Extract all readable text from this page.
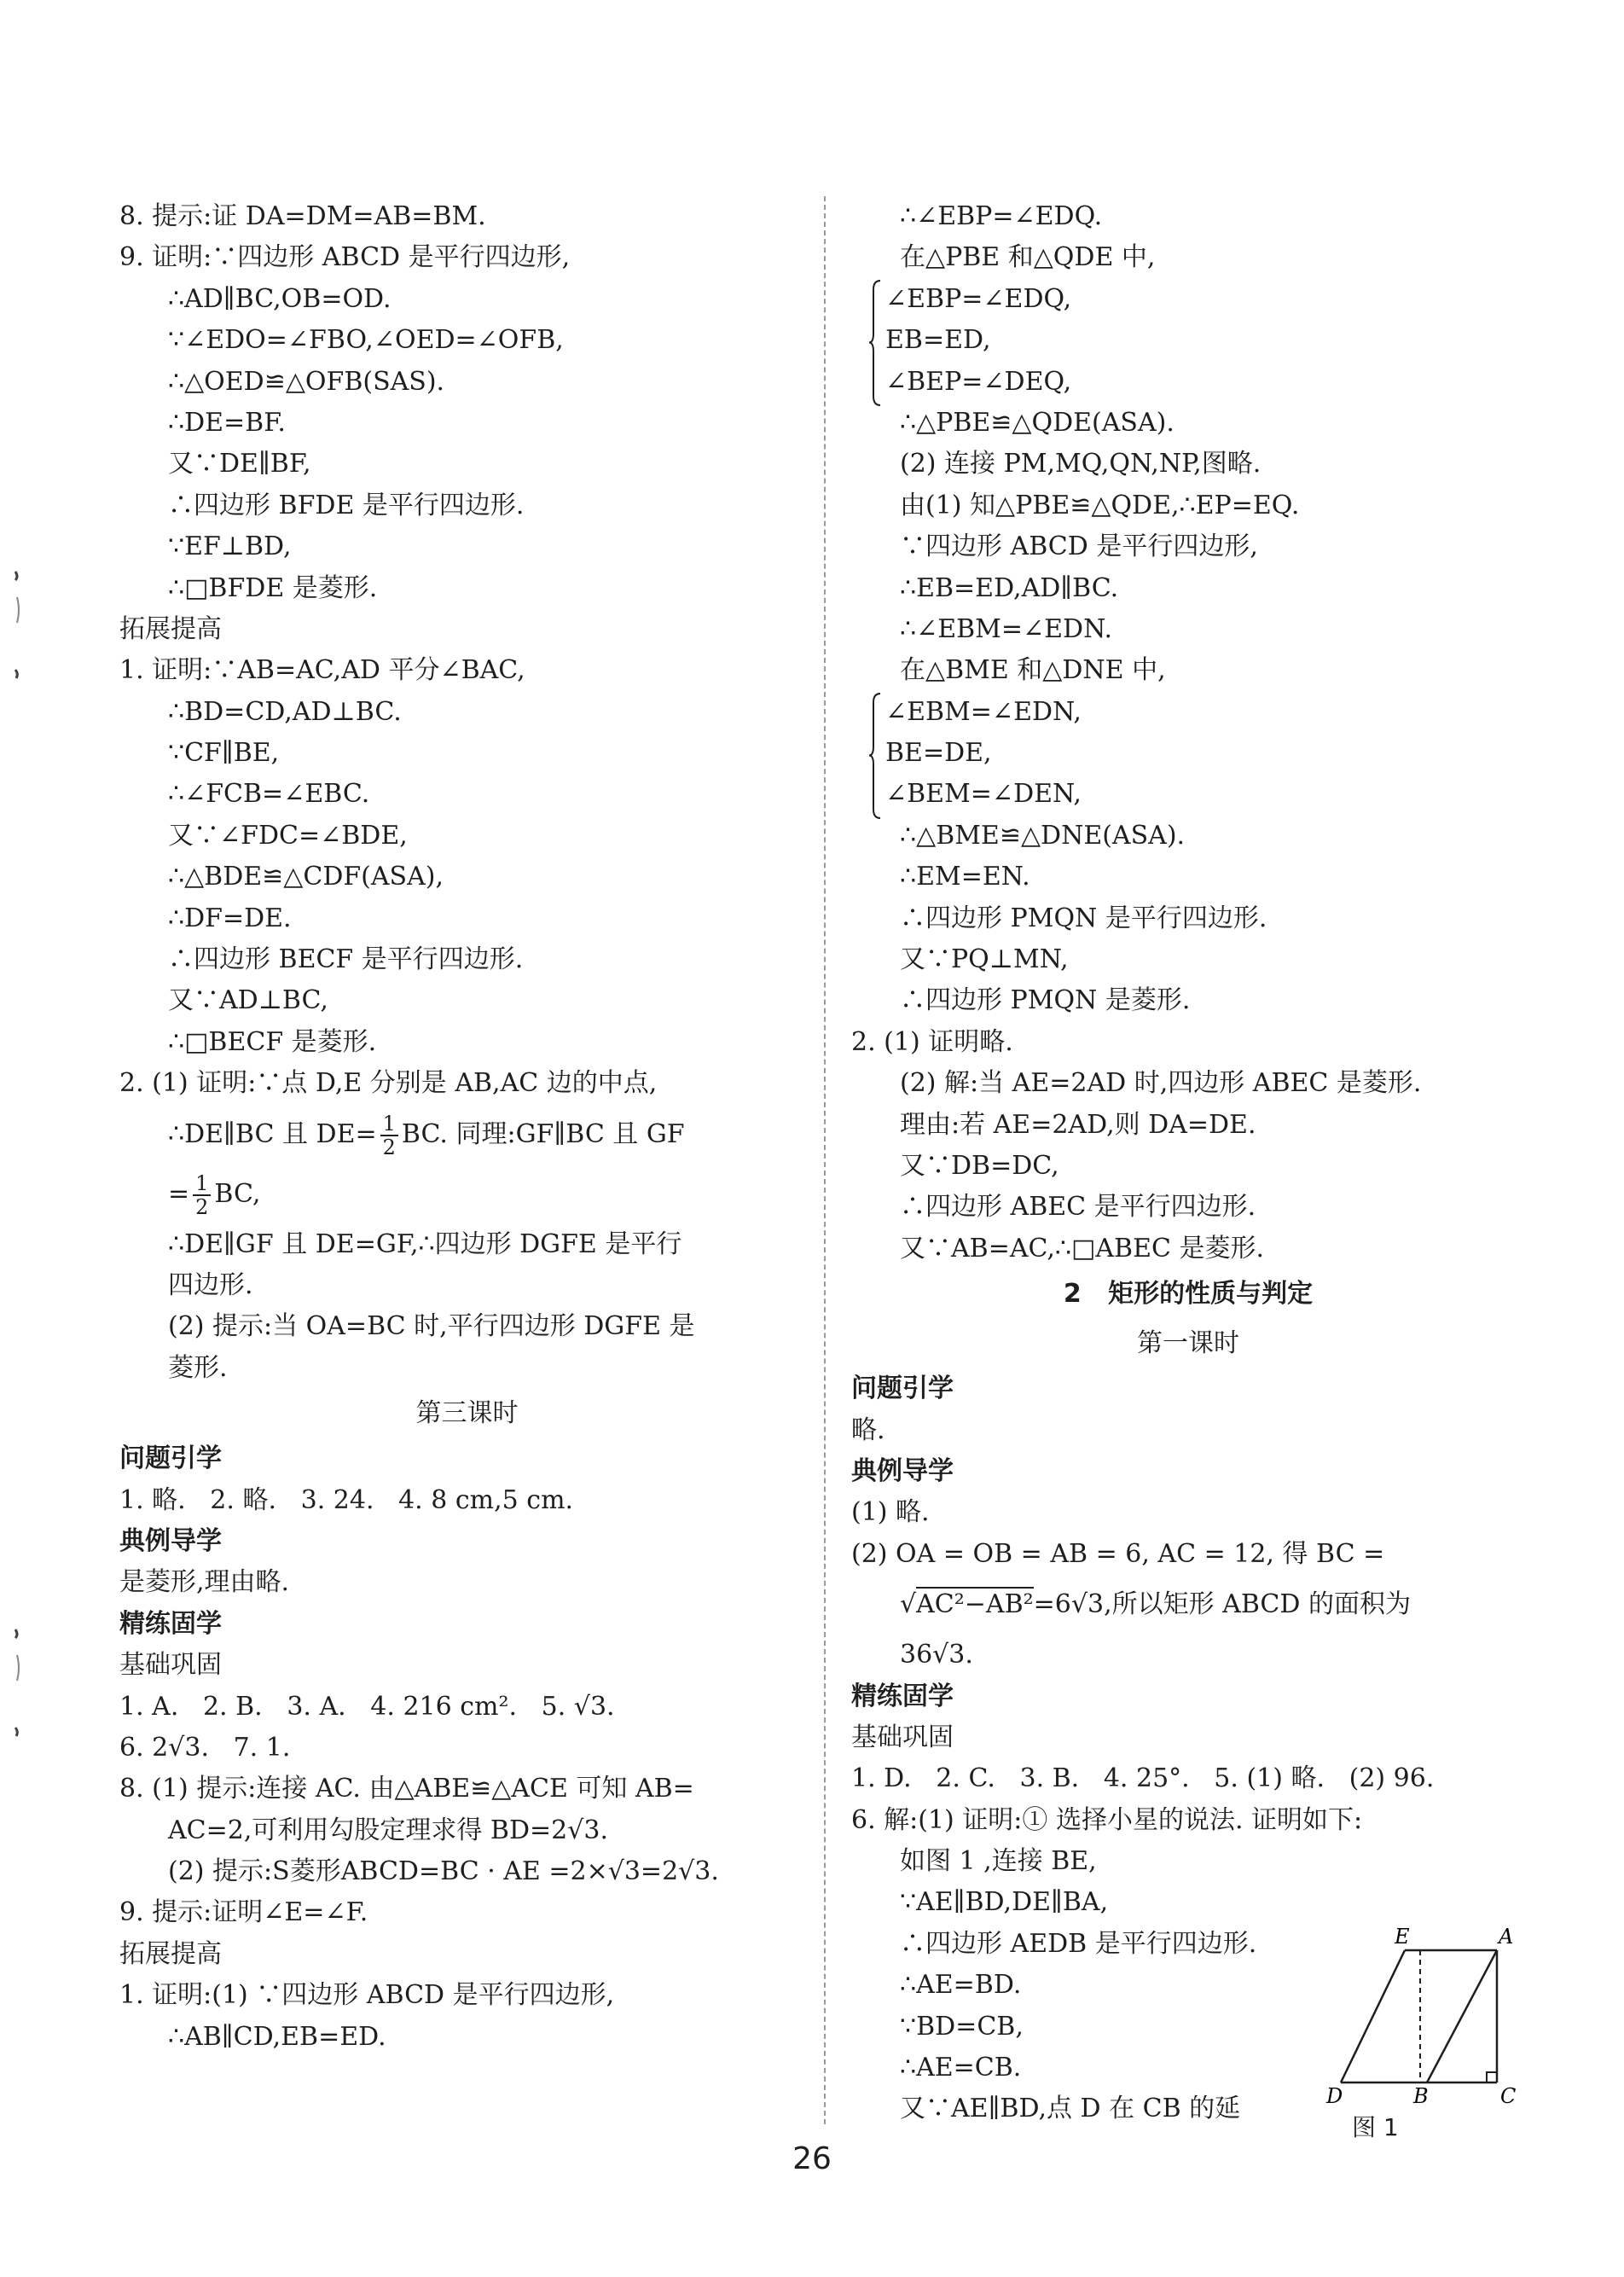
8. 提示:证 DA=DM=AB=BM.
9. 证明:∵四边形 ABCD 是平行四边形,
∴AD∥BC,OB=OD.
∵∠EDO=∠FBO,∠OED=∠OFB,
∴△OED≌△OFB(SAS).
∴DE=BF.
又∵DE∥BF,
∴四边形 BFDE 是平行四边形.
∵EF⊥BD,
∴□BFDE 是菱形.
拓展提高
1. 证明:∵AB=AC,AD 平分∠BAC,
∴BD=CD,AD⊥BC.
∵CF∥BE,
∴∠FCB=∠EBC.
又∵∠FDC=∠BDE,
∴△BDE≌△CDF(ASA),
∴DF=DE.
∴四边形 BECF 是平行四边形.
又∵AD⊥BC,
∴□BECF 是菱形.
2. (1) 证明:∵点 D,E 分别是 AB,AC 边的中点,
∴DE∥BC 且 $DE= \frac{1}{2}$ BC. 同理:GF∥BC 且 GF
= $\frac{1}{2}$ BC,
∴DE∥GF 且 DE=GF,∴四边形 DGFE 是平行
四边形.
(2) 提示:当 OA=BC 时,平行四边形 DGFE 是
菱形.
第三课时
问题引学
1. 略.   2. 略.   3. 24.   4. 8 cm,5 cm.
典例导学
是菱形,理由略.
精练固学
基础巩固
1. A.   2. B.   3. A.   4. 216 cm².   5. √3.
6. 2√3.   7. 1.
8. (1) 提示:连接 AC. 由△ABE≌△ACE 可知 AB=
AC=2,可利用勾股定理求得 BD=2√3.
(2) 提示:S菱形ABCD=BC · AE =2×√3=2√3.
9. 提示:证明∠E=∠F.
拓展提高
1. 证明:(1) ∵四边形 ABCD 是平行四边形,
∴AB∥CD,EB=ED.
∴∠EBP=∠EDQ.
在△PBE 和△QDE 中,
∠EBP=∠EDQ,
EB=ED,
∠BEP=∠DEQ,
∴△PBE≌△QDE(ASA).
(2) 连接 PM,MQ,QN,NP,图略.
由(1) 知△PBE≌△QDE,∴EP=EQ.
∵四边形 ABCD 是平行四边形,
∴EB=ED,AD∥BC.
∴∠EBM=∠EDN.
在△BME 和△DNE 中,
∠EBM=∠EDN,
BE=DE,
∠BEM=∠DEN,
∴△BME≌△DNE(ASA).
∴EM=EN.
∴四边形 PMQN 是平行四边形.
又∵PQ⊥MN,
∴四边形 PMQN 是菱形.
2. (1) 证明略.
(2) 解:当 AE=2AD 时,四边形 ABEC 是菱形.
理由:若 AE=2AD,则 DA=DE.
又∵DB=DC,
∴四边形 ABEC 是平行四边形.
又∵AB=AC,∴□ABEC 是菱形.
2   矩形的性质与判定
第一课时
问题引学
略.
典例导学
(1) 略.
(2) OA = OB = AB = 6, AC = 12, 得 BC =
√AC²−AB²=6√3,所以矩形 ABCD 的面积为
36√3.
精练固学
基础巩固
1. D.   2. C.   3. B.   4. 25°.   5. (1) 略.   (2) 96.
6. 解:(1) 证明:① 选择小星的说法. 证明如下:
如图 1 ,连接 BE,
∵AE∥BD,DE∥BA,
∴四边形 AEDB 是平行四边形.
∴AE=BD.
∵BD=CB,
∴AE=CB.
又∵AE∥BD,点 D 在 CB 的延
E	A
D	B	C
图 1
26
